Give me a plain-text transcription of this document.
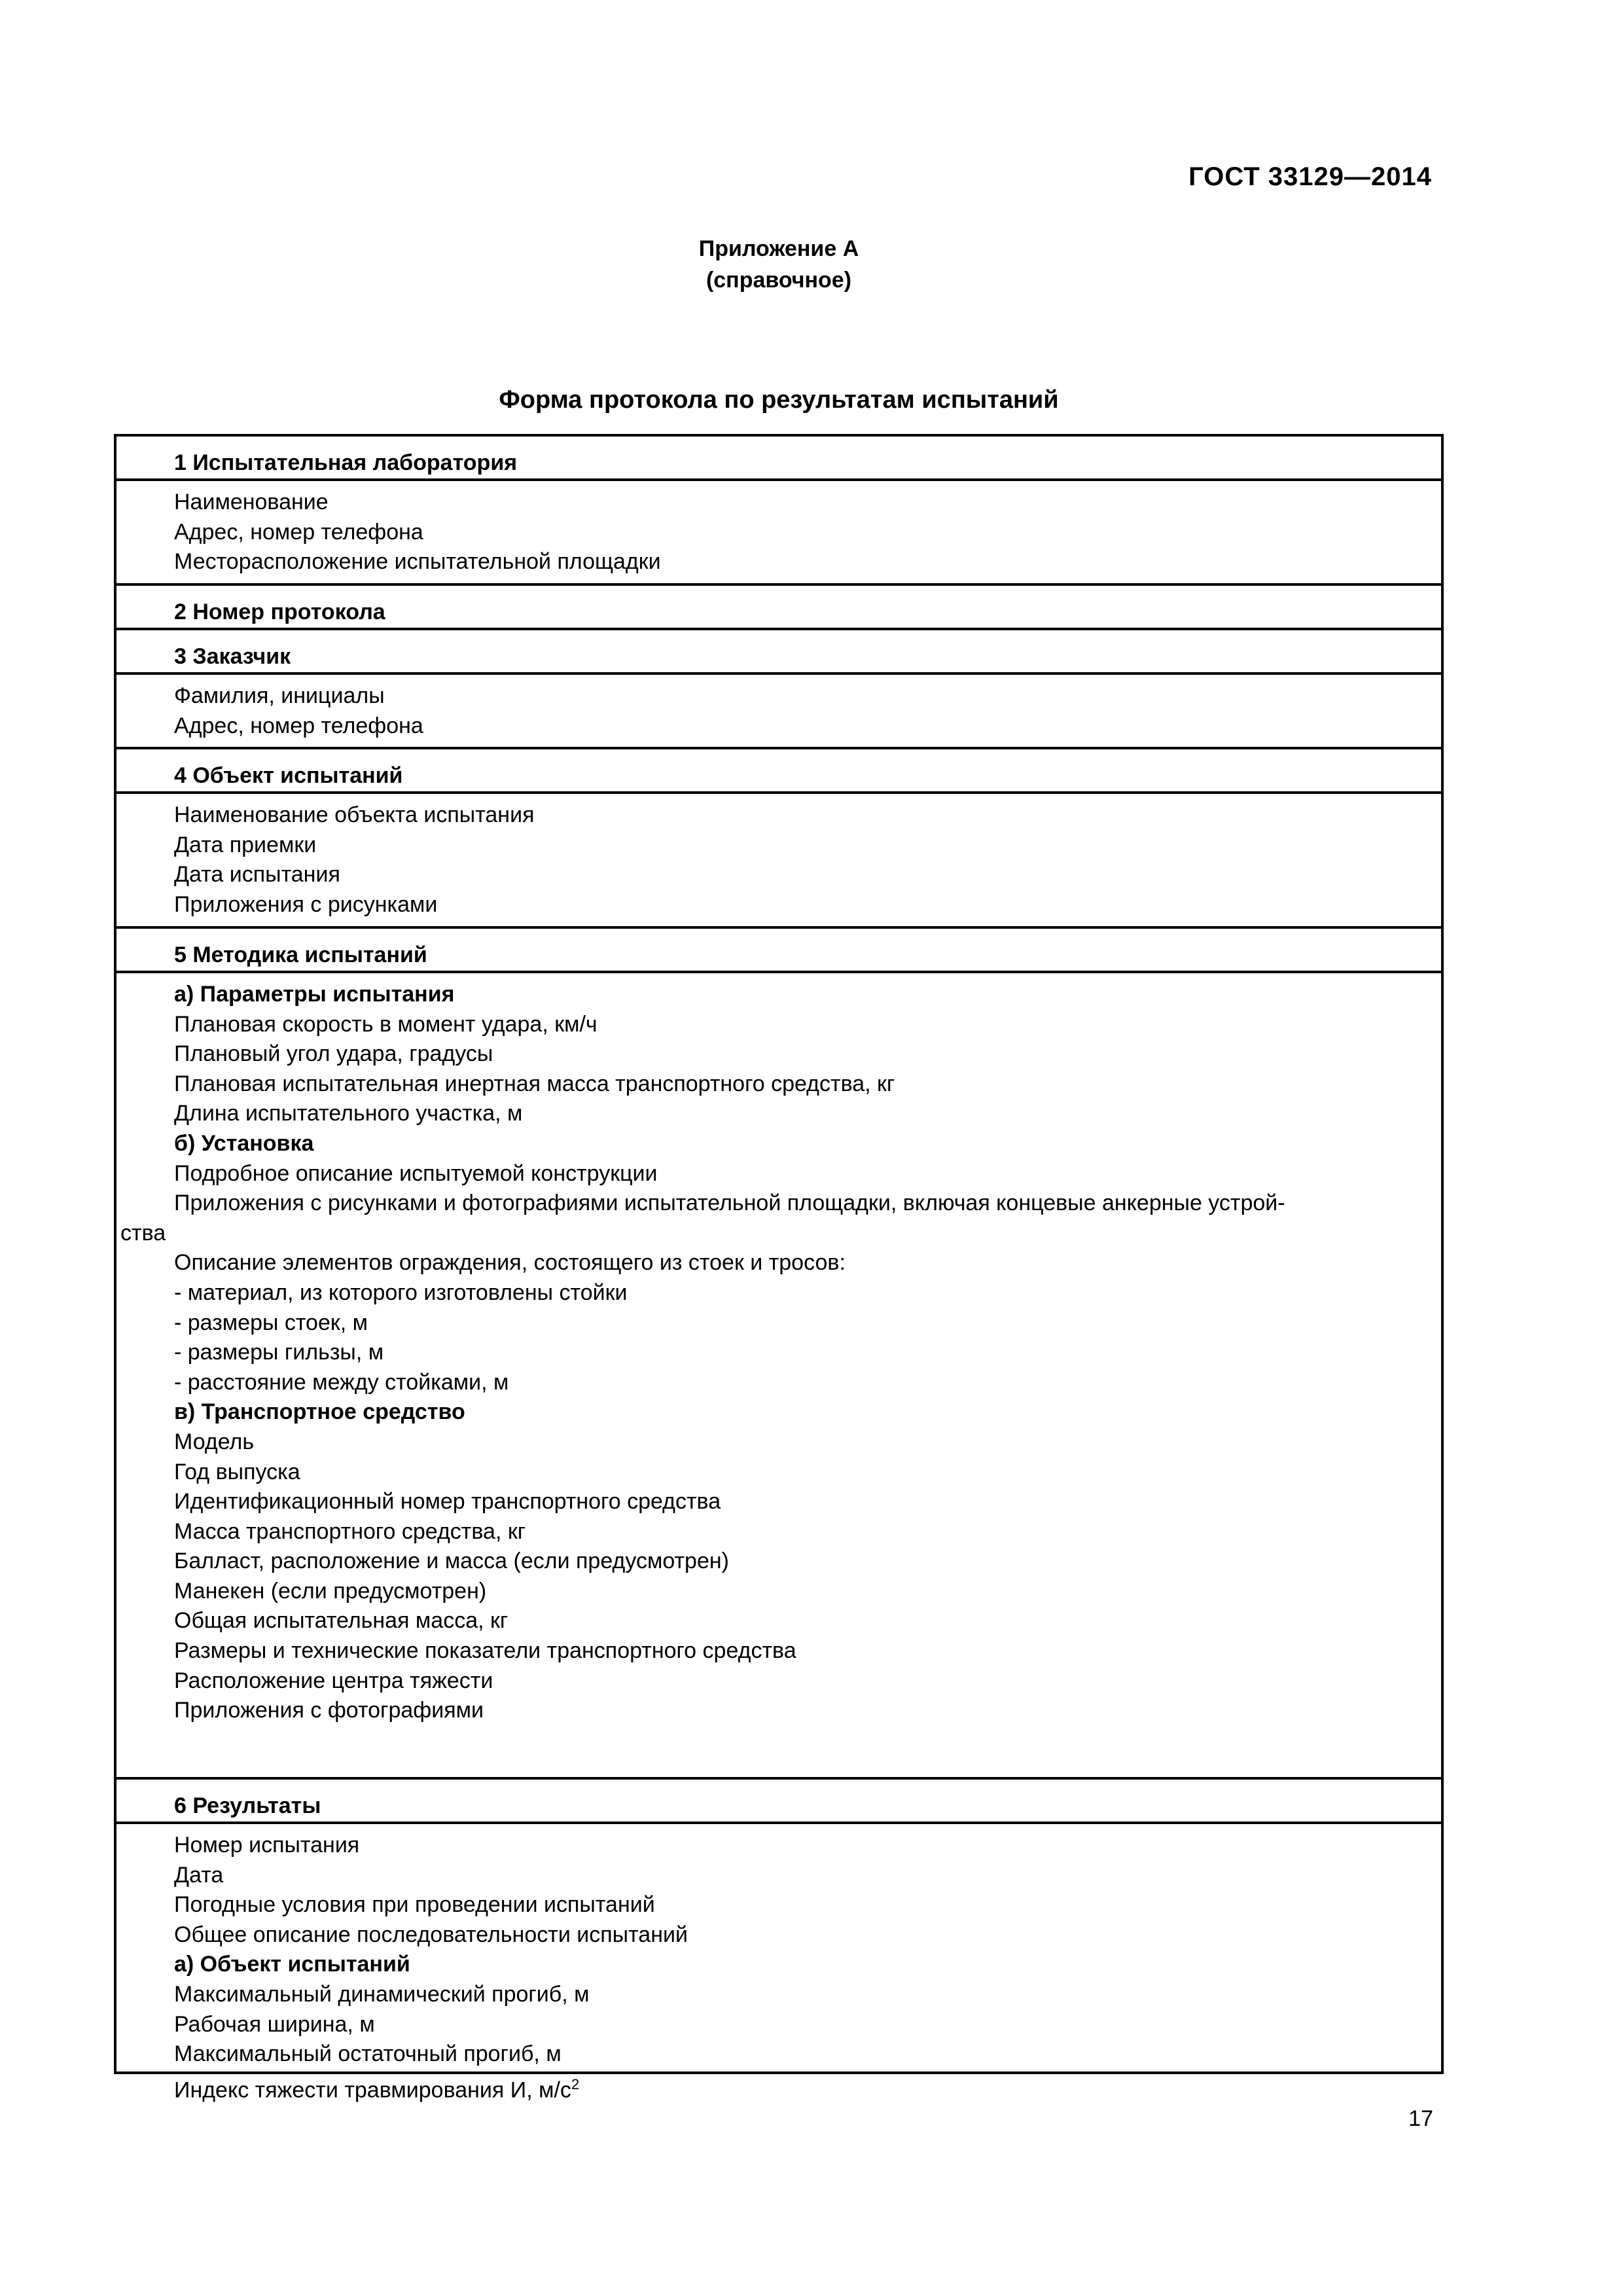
ГОСТ 33129—2014
Приложение А
(справочное)
Форма протокола по результатам испытаний
1 Испытательная лаборатория
Наименование
Адрес, номер телефона
Месторасположение испытательной площадки
2 Номер протокола
3 Заказчик
Фамилия, инициалы
Адрес, номер телефона
4 Объект испытаний
Наименование объекта испытания
Дата приемки
Дата испытания
Приложения с рисунками
5 Методика испытаний
а) Параметры испытания
Плановая скорость в момент удара, км/ч
Плановый угол удара, градусы
Плановая испытательная инертная масса транспортного средства, кг
Длина испытательного участка, м
б) Установка
Подробное описание испытуемой конструкции
Приложения с рисунками и фотографиями испытательной площадки, включая концевые анкерные устрой-
ства
Описание элементов ограждения, состоящего из стоек и тросов:
- материал, из которого изготовлены стойки
- размеры стоек, м
- размеры гильзы, м
- расстояние между стойками, м
в) Транспортное средство
Модель
Год выпуска
Идентификационный номер транспортного средства
Масса транспортного средства, кг
Балласт, расположение и масса (если предусмотрен)
Манекен (если предусмотрен)
Общая испытательная масса, кг
Размеры и технические показатели транспортного средства
Расположение центра тяжести
Приложения с фотографиями
6 Результаты
Номер испытания
Дата
Погодные условия при проведении испытаний
Общее описание последовательности испытаний
а) Объект испытаний
Максимальный динамический прогиб, м
Рабочая ширина, м
Максимальный остаточный прогиб, м
Индекс тяжести травмирования И, $м/с^2$
17
